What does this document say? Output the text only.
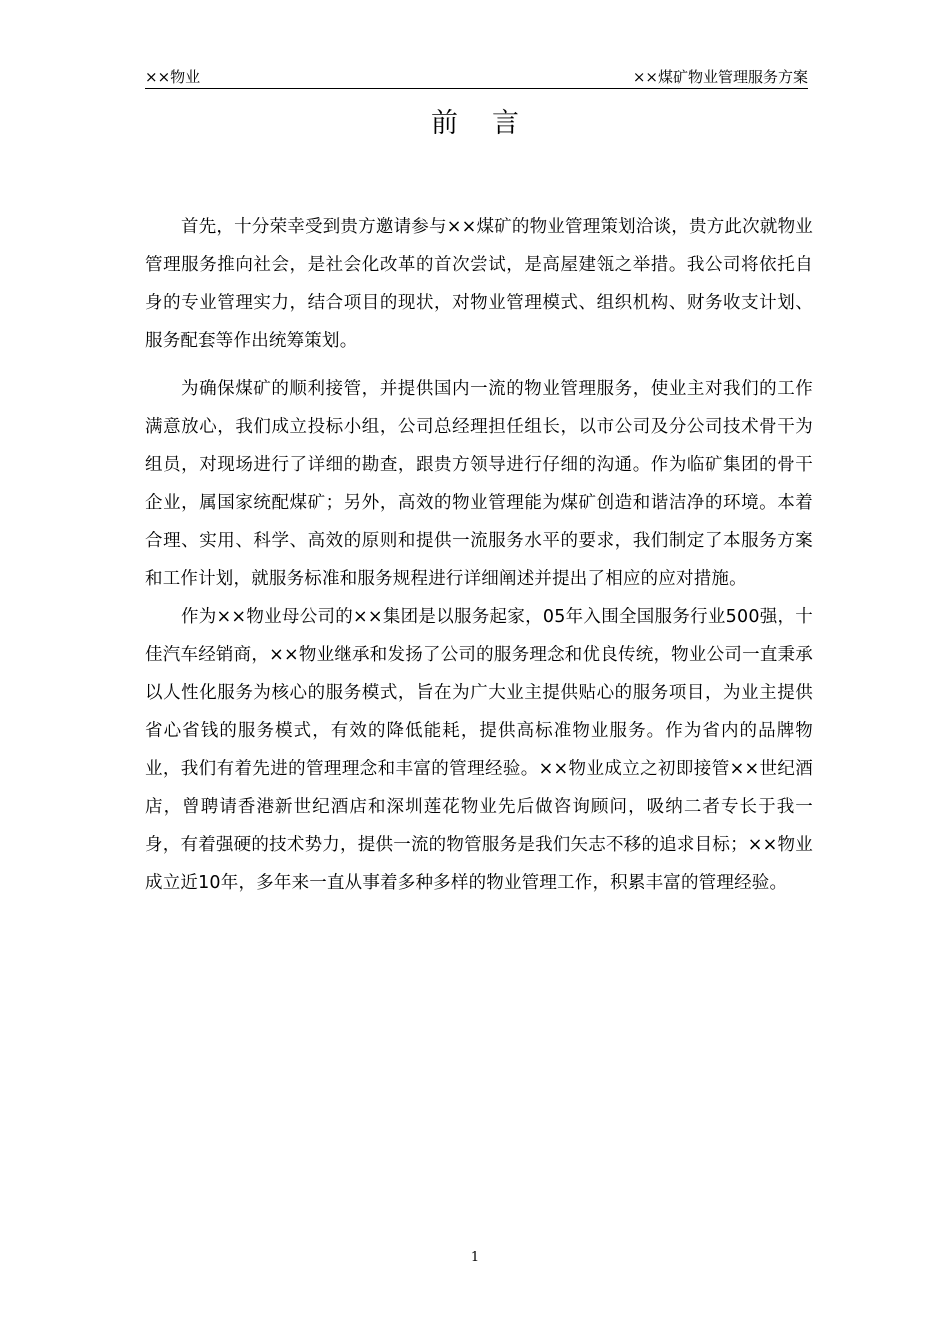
××物业	××煤矿物业管理服务方案
前言

首先，十分荣幸受到贵方邀请参与××煤矿的物业管理策划洽谈，贵方此次就物业管理服务推向社会，是社会化改革的首次尝试，是高屋建瓴之举措。我公司将依托自身的专业管理实力，结合项目的现状，对物业管理模式、组织机构、财务收支计划、服务配套等作出统筹策划。

为确保煤矿的顺利接管，并提供国内一流的物业管理服务，使业主对我们的工作满意放心，我们成立投标小组，公司总经理担任组长，以市公司及分公司技术骨干为组员，对现场进行了详细的勘查，跟贵方领导进行仔细的沟通。作为临矿集团的骨干企业，属国家统配煤矿；另外，高效的物业管理能为煤矿创造和谐洁净的环境。本着合理、实用、科学、高效的原则和提供一流服务水平的要求，我们制定了本服务方案和工作计划，就服务标准和服务规程进行详细阐述并提出了相应的应对措施。

作为××物业母公司的××集团是以服务起家，05年入围全国服务行业500强，十佳汽车经销商，××物业继承和发扬了公司的服务理念和优良传统，物业公司一直秉承以人性化服务为核心的服务模式，旨在为广大业主提供贴心的服务项目，为业主提供省心省钱的服务模式，有效的降低能耗，提供高标准物业服务。作为省内的品牌物业，我们有着先进的管理理念和丰富的管理经验。××物业成立之初即接管××世纪酒店，曾聘请香港新世纪酒店和深圳莲花物业先后做咨询顾问，吸纳二者专长于我一身，有着强硬的技术势力，提供一流的物管服务是我们矢志不移的追求目标；××物业成立近10年，多年来一直从事着多种多样的物业管理工作，积累丰富的管理经验。

1
